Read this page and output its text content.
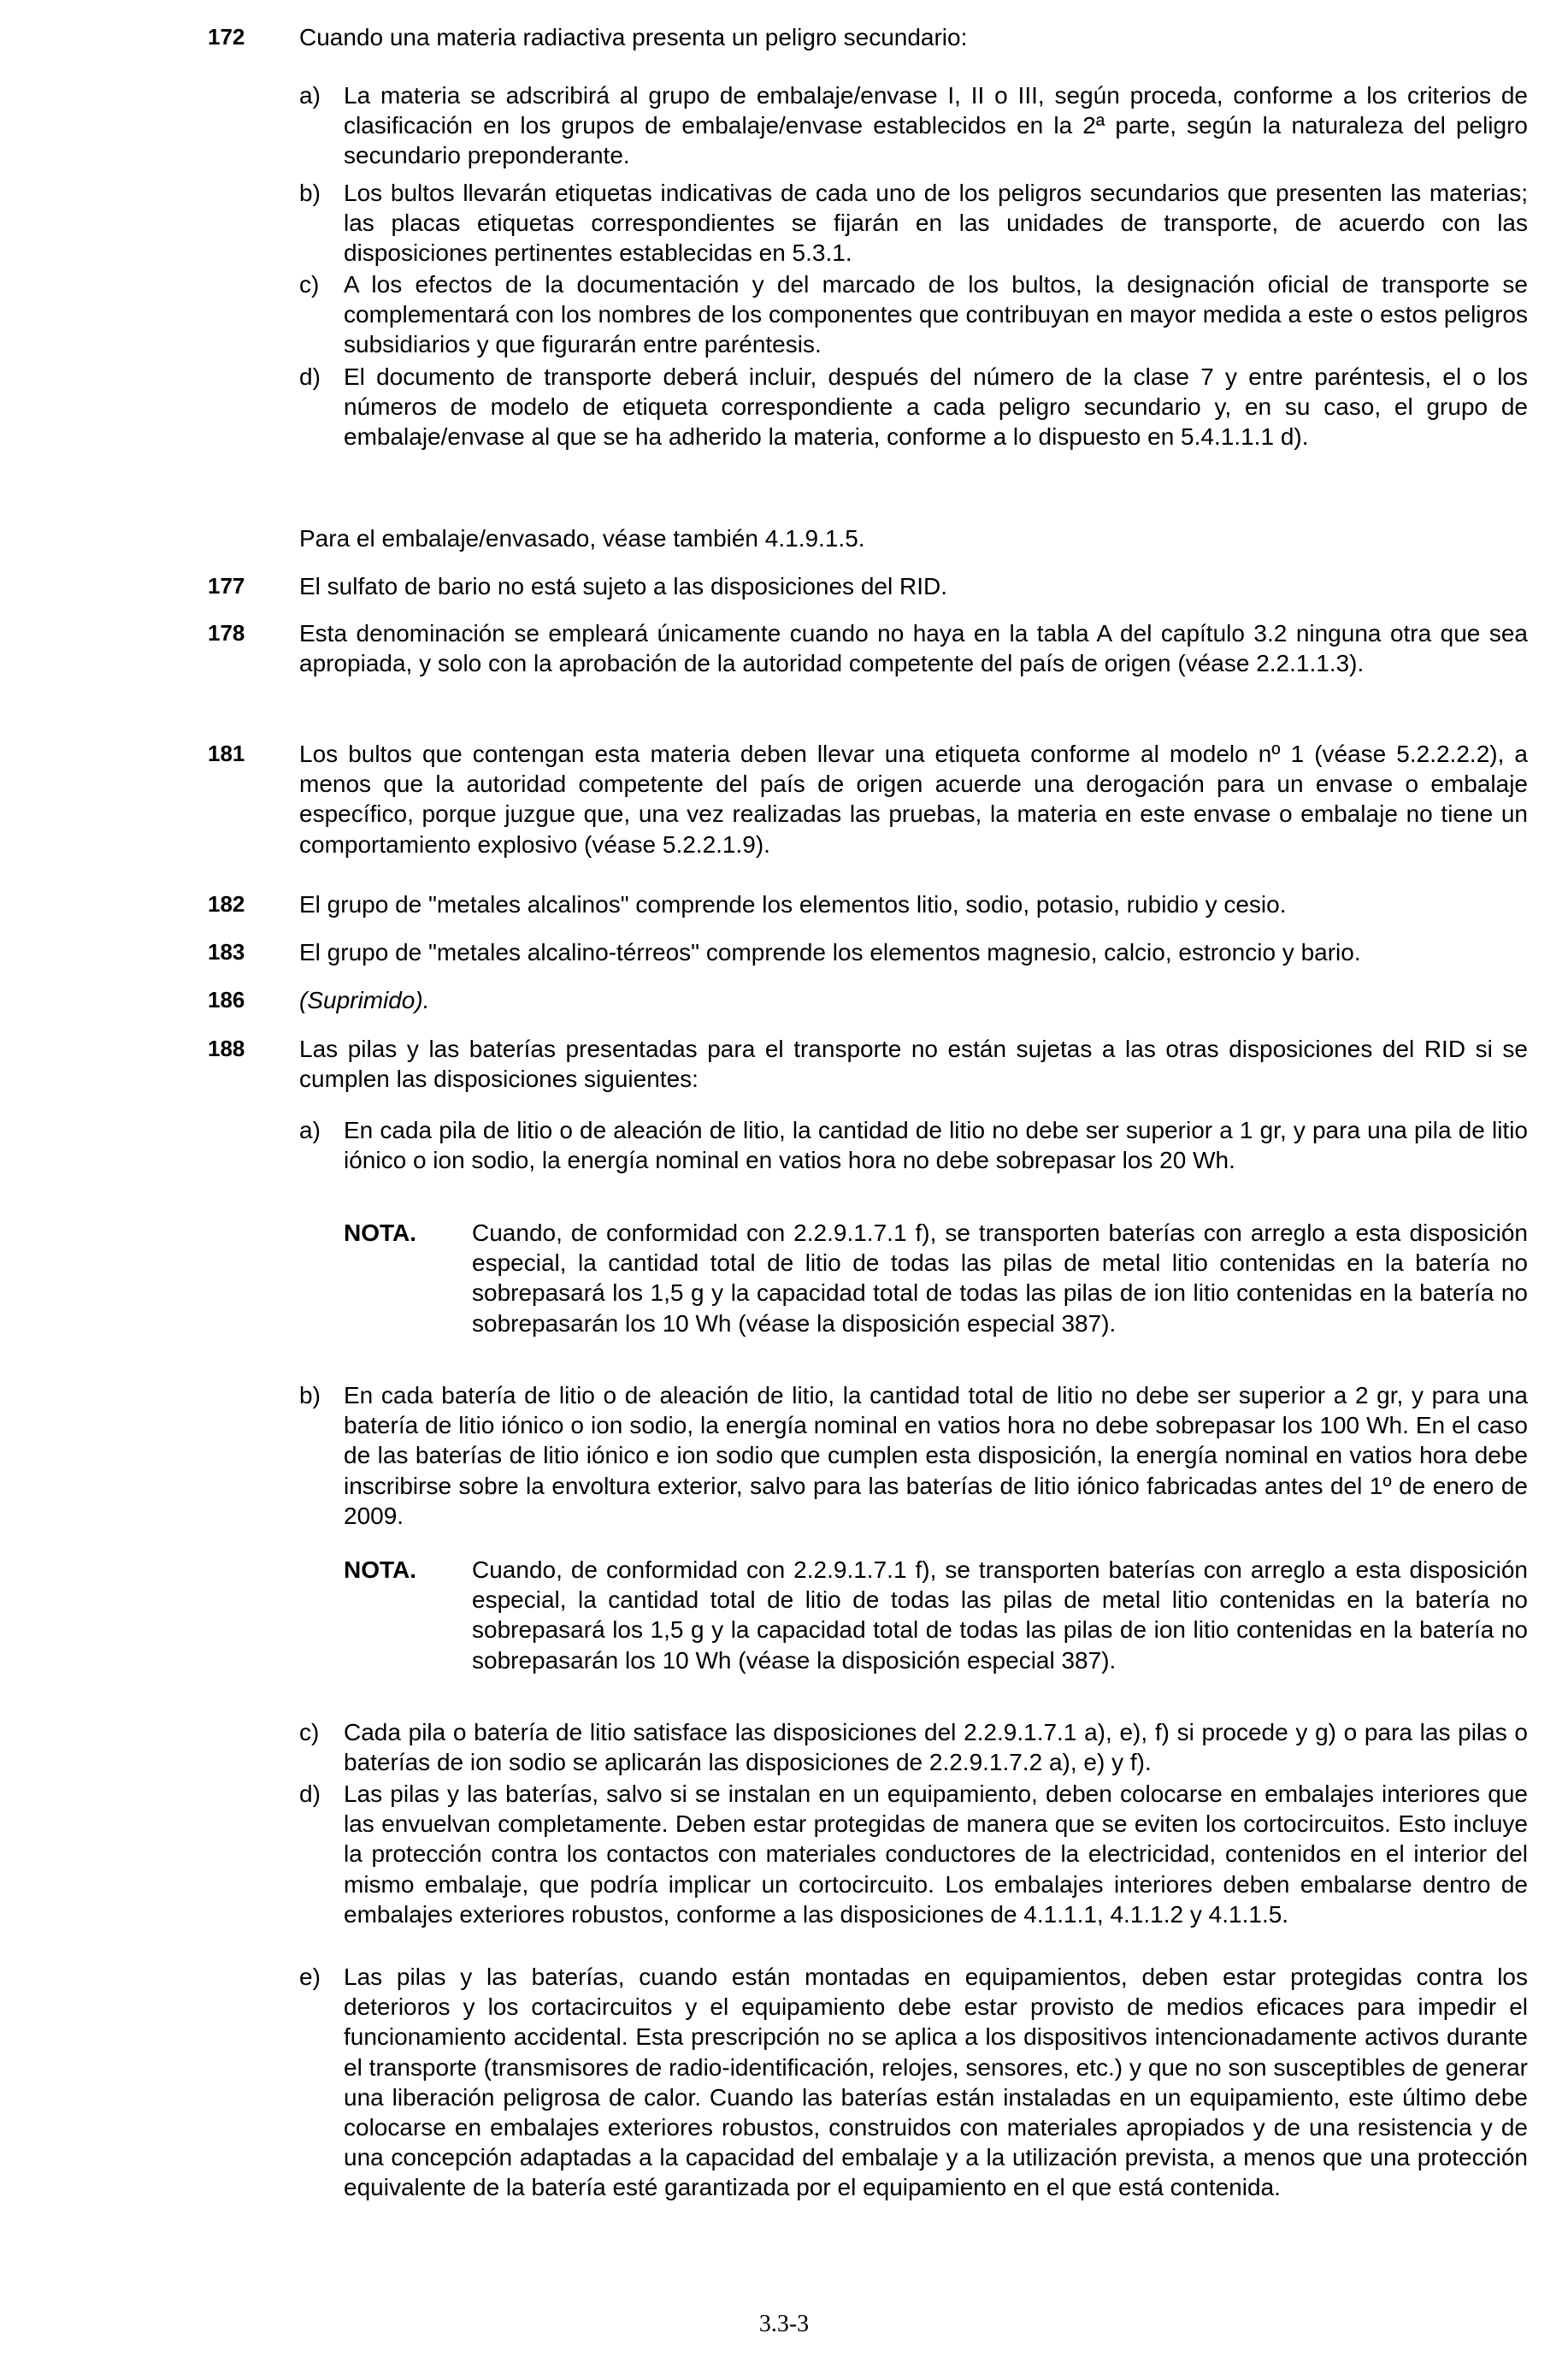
172 Cuando una materia radiactiva presenta un peligro secundario:
a) La materia se adscribirá al grupo de embalaje/envase I, II o III, según proceda, conforme a los criterios de clasificación en los grupos de embalaje/envase establecidos en la 2ª parte, según la naturaleza del peligro secundario preponderante.
b) Los bultos llevarán etiquetas indicativas de cada uno de los peligros secundarios que presenten las materias; las placas etiquetas correspondientes se fijarán en las unidades de transporte, de acuerdo con las disposiciones pertinentes establecidas en 5.3.1.
c) A los efectos de la documentación y del marcado de los bultos, la designación oficial de transporte se complementará con los nombres de los componentes que contribuyan en mayor medida a este o estos peligros subsidiarios y que figurarán entre paréntesis.
d) El documento de transporte deberá incluir, después del número de la clase 7 y entre paréntesis, el o los números de modelo de etiqueta correspondiente a cada peligro secundario y, en su caso, el grupo de embalaje/envase al que se ha adherido la materia, conforme a lo dispuesto en 5.4.1.1.1 d).
Para el embalaje/envasado, véase también 4.1.9.1.5.
177 El sulfato de bario no está sujeto a las disposiciones del RID.
178 Esta denominación se empleará únicamente cuando no haya en la tabla A del capítulo 3.2 ninguna otra que sea apropiada, y solo con la aprobación de la autoridad competente del país de origen (véase 2.2.1.1.3).
181 Los bultos que contengan esta materia deben llevar una etiqueta conforme al modelo nº 1 (véase 5.2.2.2.2), a menos que la autoridad competente del país de origen acuerde una derogación para un envase o embalaje específico, porque juzgue que, una vez realizadas las pruebas, la materia en este envase o embalaje no tiene un comportamiento explosivo (véase 5.2.2.1.9).
182 El grupo de "metales alcalinos" comprende los elementos litio, sodio, potasio, rubidio y cesio.
183 El grupo de "metales alcalino-térreos" comprende los elementos magnesio, calcio, estroncio y bario.
186 (Suprimido).
188 Las pilas y las baterías presentadas para el transporte no están sujetas a las otras disposiciones del RID si se cumplen las disposiciones siguientes:
a) En cada pila de litio o de aleación de litio, la cantidad de litio no debe ser superior a 1 gr, y para una pila de litio iónico o ion sodio, la energía nominal en vatios hora no debe sobrepasar los 20 Wh.
NOTA. Cuando, de conformidad con 2.2.9.1.7.1 f), se transporten baterías con arreglo a esta disposición especial, la cantidad total de litio de todas las pilas de metal litio contenidas en la batería no sobrepasará los 1,5 g y la capacidad total de todas las pilas de ion litio contenidas en la batería no sobrepasarán los 10 Wh (véase la disposición especial 387).
b) En cada batería de litio o de aleación de litio, la cantidad total de litio no debe ser superior a 2 gr, y para una batería de litio iónico o ion sodio, la energía nominal en vatios hora no debe sobrepasar los 100 Wh. En el caso de las baterías de litio iónico e ion sodio que cumplen esta disposición, la energía nominal en vatios hora debe inscribirse sobre la envoltura exterior, salvo para las baterías de litio iónico fabricadas antes del 1º de enero de 2009.
NOTA. Cuando, de conformidad con 2.2.9.1.7.1 f), se transporten baterías con arreglo a esta disposición especial, la cantidad total de litio de todas las pilas de metal litio contenidas en la batería no sobrepasará los 1,5 g y la capacidad total de todas las pilas de ion litio contenidas en la batería no sobrepasarán los 10 Wh (véase la disposición especial 387).
c) Cada pila o batería de litio satisface las disposiciones del 2.2.9.1.7.1 a), e), f) si procede y g) o para las pilas o baterías de ion sodio se aplicarán las disposiciones de 2.2.9.1.7.2 a), e) y f).
d) Las pilas y las baterías, salvo si se instalan en un equipamiento, deben colocarse en embalajes interiores que las envuelvan completamente. Deben estar protegidas de manera que se eviten los cortocircuitos. Esto incluye la protección contra los contactos con materiales conductores de la electricidad, contenidos en el interior del mismo embalaje, que podría implicar un cortocircuito. Los embalajes interiores deben embalarse dentro de embalajes exteriores robustos, conforme a las disposiciones de 4.1.1.1, 4.1.1.2 y 4.1.1.5.
e) Las pilas y las baterías, cuando están montadas en equipamientos, deben estar protegidas contra los deterioros y los cortacircuitos y el equipamiento debe estar provisto de medios eficaces para impedir el funcionamiento accidental. Esta prescripción no se aplica a los dispositivos intencionadamente activos durante el transporte (transmisores de radio-identificación, relojes, sensores, etc.) y que no son susceptibles de generar una liberación peligrosa de calor. Cuando las baterías están instaladas en un equipamiento, este último debe colocarse en embalajes exteriores robustos, construidos con materiales apropiados y de una resistencia y de una concepción adaptadas a la capacidad del embalaje y a la utilización prevista, a menos que una protección equivalente de la batería esté garantizada por el equipamiento en el que está contenida.
3.3-3
